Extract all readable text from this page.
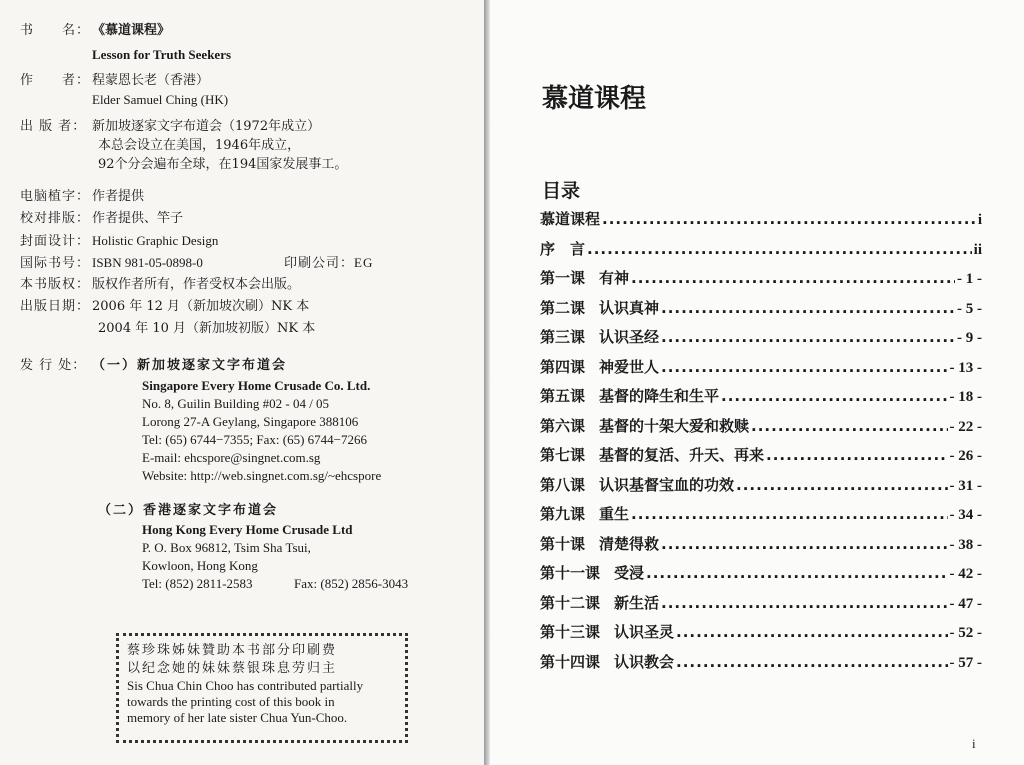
书　　名： 《慕道课程》
Lesson for Truth Seekers
作　　者： 程蒙恩长老（香港）
Elder Samuel Ching (HK)
出 版 者： 新加坡逐家文字布道会（1972年成立）
本总会设立在美国，1946年成立，
92个分会遍布全球，在194国家发展事工。
电脑植字： 作者提供
校对排版： 作者提供、竿子
封面设计： Holistic Graphic Design
国际书号： ISBN 981-05-0898-0	印刷公司：EG
本书版权： 版权作者所有，作者受权本会出版。
出版日期： 2006 年 12 月（新加坡次刷）NK 本
2004 年 10 月（新加坡初版）NK 本
发 行 处： （一）新加坡逐家文字布道会
Singapore Every Home Crusade Co. Ltd.
No. 8, Guilin Building #02 - 04 / 05
Lorong 27-A Geylang, Singapore 388106
Tel: (65) 6744−7355; Fax: (65) 6744−7266
E-mail: ehcspore@singnet.com.sg
Website: http://web.singnet.com.sg/~ehcspore
（二）香港逐家文字布道会
Hong Kong Every Home Crusade Ltd
P. O. Box 96812, Tsim Sha Tsui,
Kowloon, Hong Kong
Tel: (852) 2811-2583	Fax: (852) 2856-3043
蔡珍珠姊妹贊助本书部分印刷费
以纪念她的妹妹蔡银珠息劳归主
Sis Chua Chin Choo has contributed partially
towards the printing cost of this book in
memory of her late sister Chua Yun-Choo.
慕道课程
目录
慕道课程 .....	i
序　言 .....	ii
第一课 有神 .....	- 1 -
第二课 认识真神 .....	- 5 -
第三课 认识圣经 .....	- 9 -
第四课 神爱世人 .....	- 13 -
第五课 基督的降生和生平 .....	- 18 -
第六课 基督的十架大爱和救赎 .....	- 22 -
第七课 基督的复活、升天、再来 .....	- 26 -
第八课 认识基督宝血的功效 .....	- 31 -
第九课 重生 .....	- 34 -
第十课 清楚得救 .....	- 38 -
第十一课 受浸 .....	- 42 -
第十二课 新生活 .....	- 47 -
第十三课 认识圣灵 .....	- 52 -
第十四课 认识教会 .....	- 57 -
i
